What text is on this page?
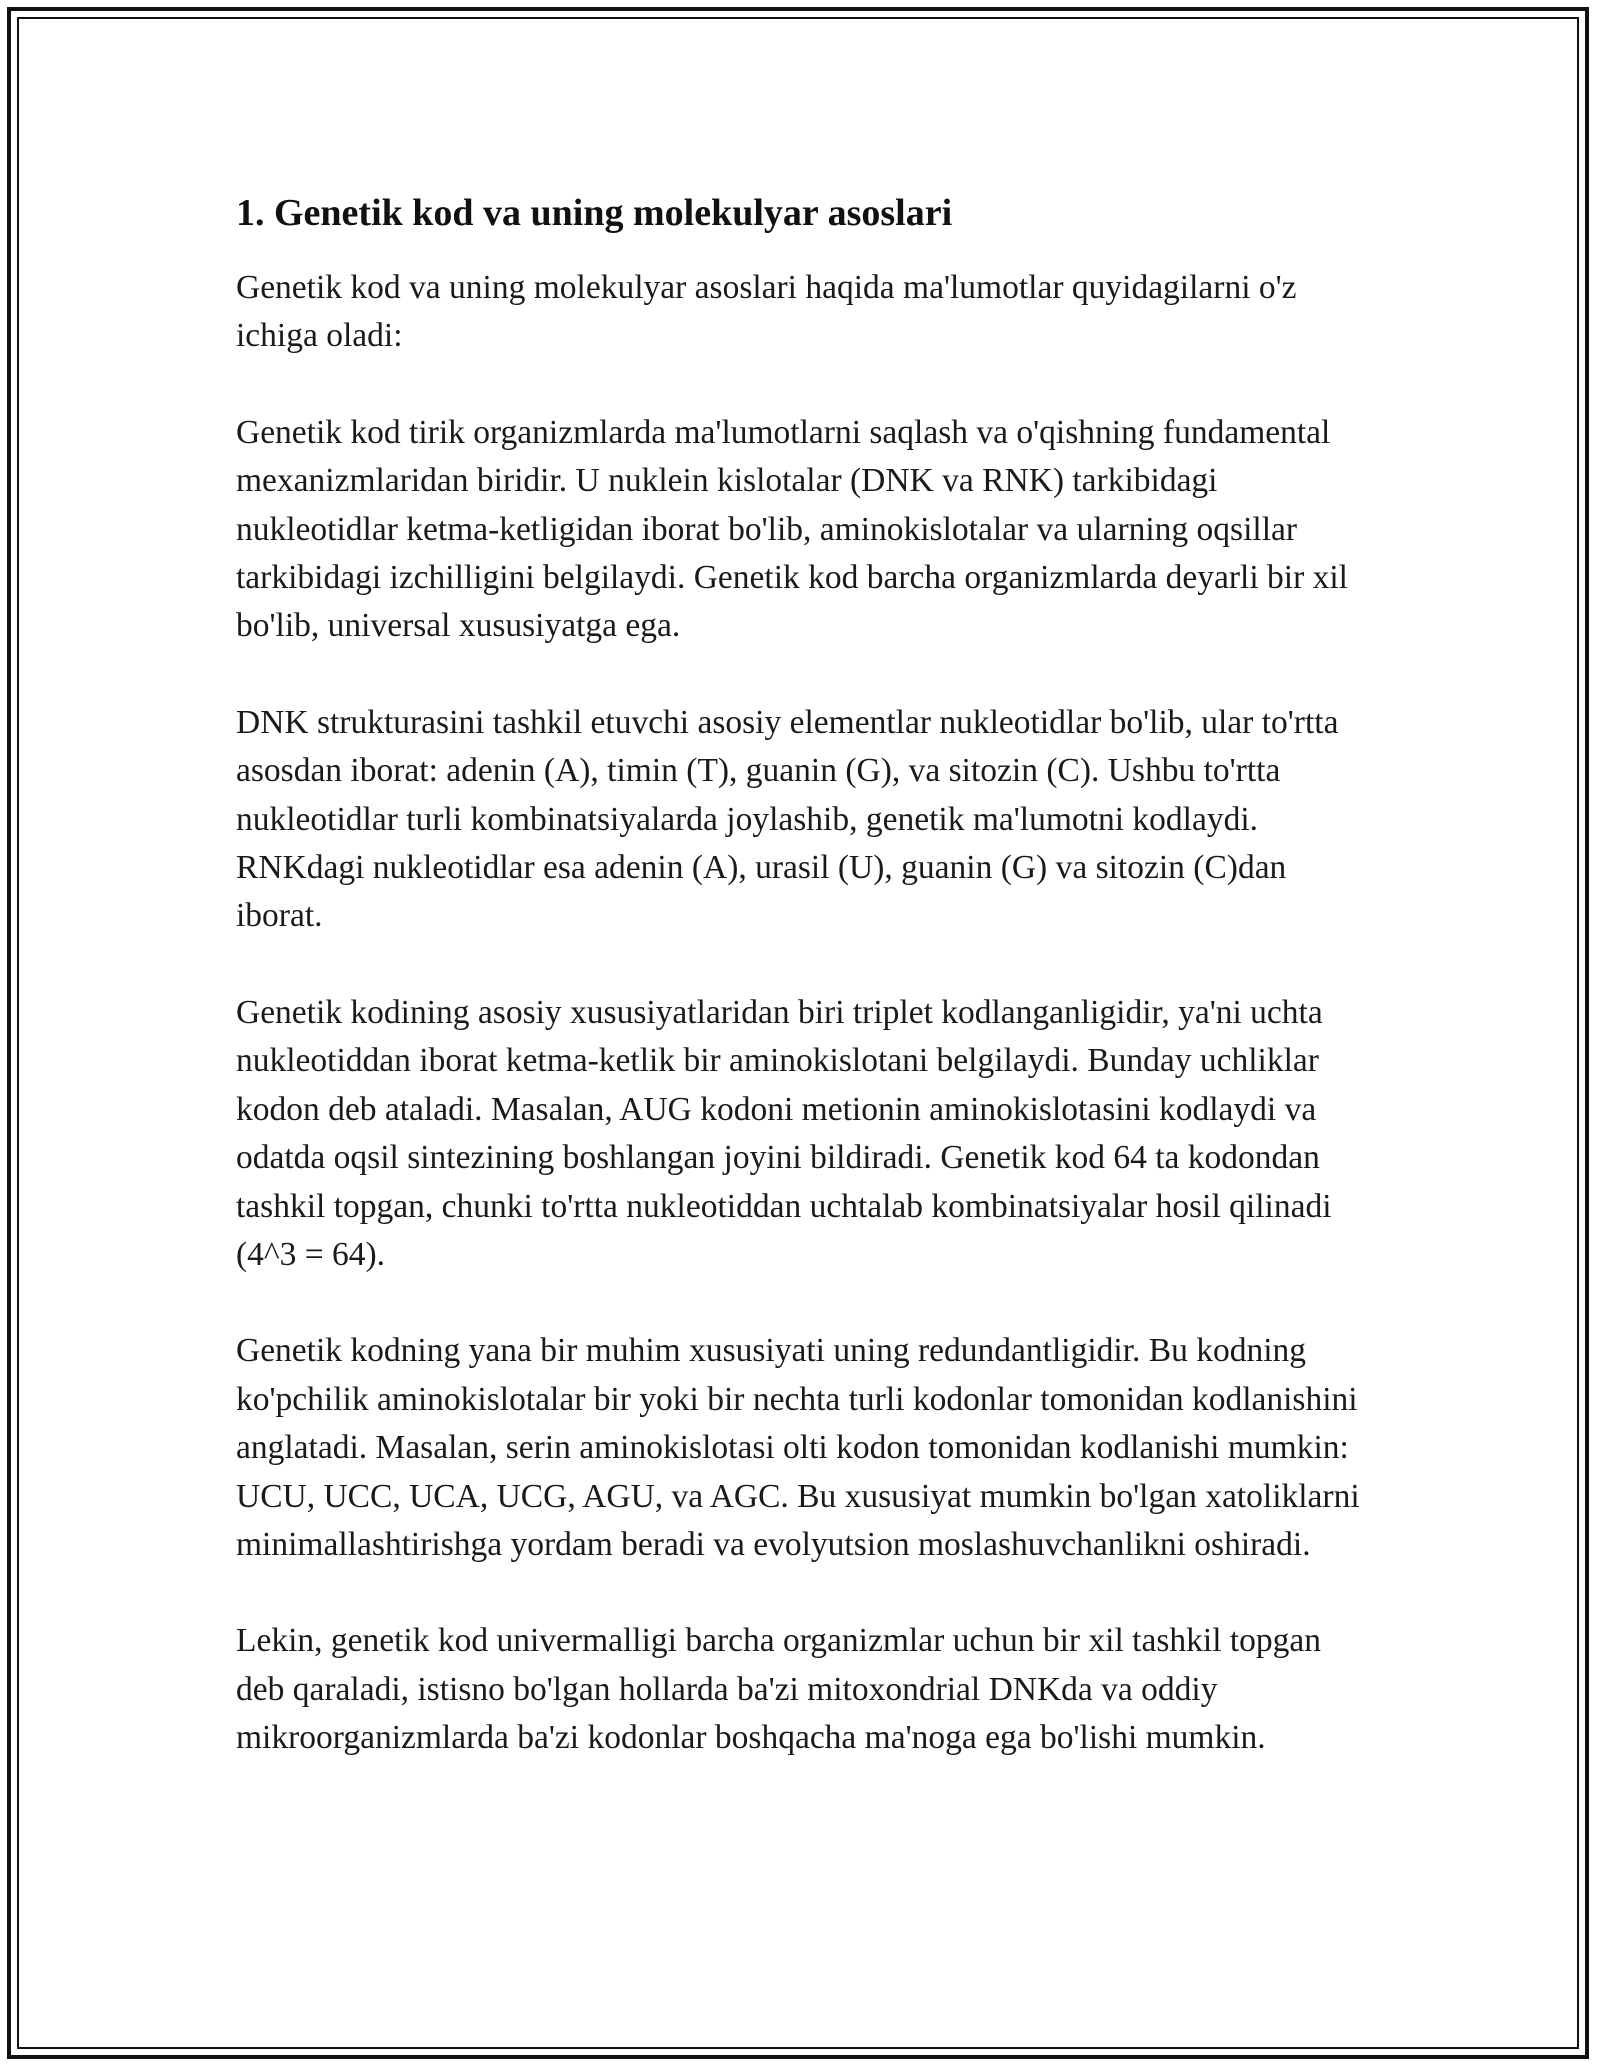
1. Genetik kod va uning molekulyar asoslari

Genetik kod va uning molekulyar asoslari haqida ma'lumotlar quyidagilarni o'z ichiga oladi:

Genetik kod tirik organizmlarda ma'lumotlarni saqlash va o'qishning fundamental mexanizmlaridan biridir. U nuklein kislotalar (DNK va RNK) tarkibidagi nukleotidlar ketma-ketligidan iborat bo'lib, aminokislotalar va ularning oqsillar tarkibidagi izchilligini belgilaydi. Genetik kod barcha organizmlarda deyarli bir xil bo'lib, universal xususiyatga ega.

DNK strukturasini tashkil etuvchi asosiy elementlar nukleotidlar bo'lib, ular to'rtta asosdan iborat: adenin (A), timin (T), guanin (G), va sitozin (C). Ushbu to'rtta nukleotidlar turli kombinatsiyalarda joylashib, genetik ma'lumotni kodlaydi. RNKdagi nukleotidlar esa adenin (A), urasil (U), guanin (G) va sitozin (C)dan iborat.

Genetik kodining asosiy xususiyatlaridan biri triplet kodlanganligidir, ya'ni uchta nukleotiddan iborat ketma-ketlik bir aminokislotani belgilaydi. Bunday uchliklar kodon deb ataladi. Masalan, AUG kodoni metionin aminokislotasini kodlaydi va odatda oqsil sintezining boshlangan joyini bildiradi. Genetik kod 64 ta kodondan tashkil topgan, chunki to'rtta nukleotiddan uchtalab kombinatsiyalar hosil qilinadi (4^3 = 64).

Genetik kodning yana bir muhim xususiyati uning redundantligidir. Bu kodning ko'pchilik aminokislotalar bir yoki bir nechta turli kodonlar tomonidan kodlanishini anglatadi. Masalan, serin aminokislotasi olti kodon tomonidan kodlanishi mumkin: UCU, UCC, UCA, UCG, AGU, va AGC. Bu xususiyat mumkin bo'lgan xatoliklarni minimallashtirishga yordam beradi va evolyutsion moslashuvchanlikni oshiradi.

Lekin, genetik kod univermalligi barcha organizmlar uchun bir xil tashkil topgan deb qaraladi, istisno bo'lgan hollarda ba'zi mitoxondrial DNKda va oddiy mikroorganizmlarda ba'zi kodonlar boshqacha ma'noga ega bo'lishi mumkin.
